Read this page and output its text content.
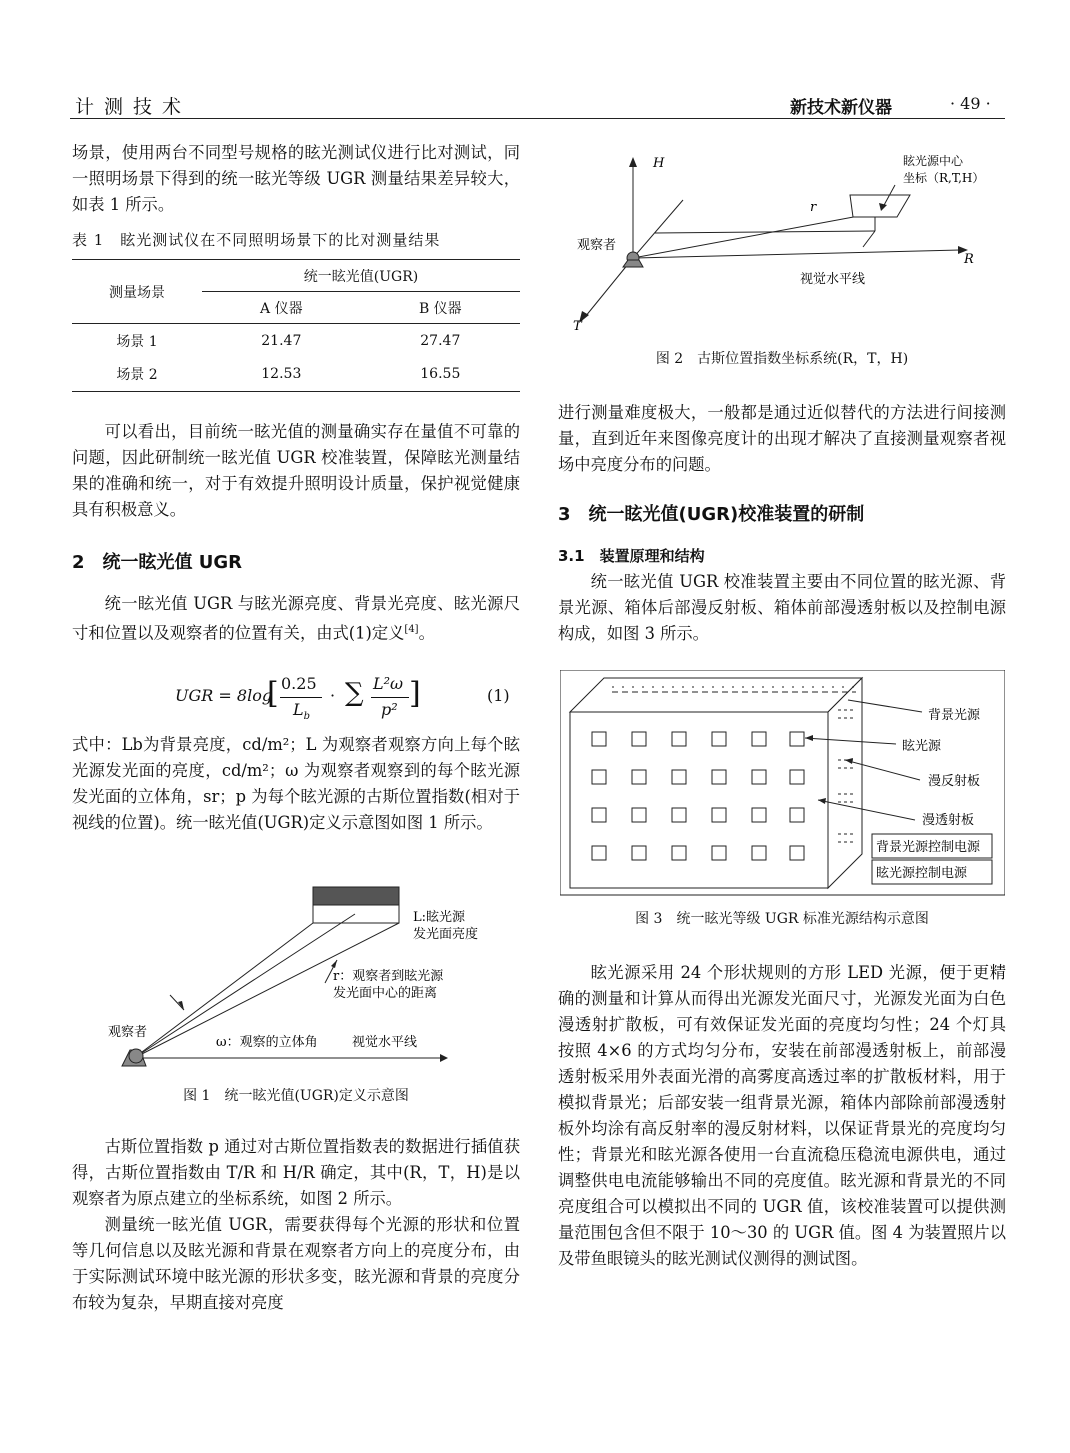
计测技术	新技术新仪器	· 49 ·

场景，使用两台不同型号规格的眩光测试仪进行比对测试，同一照明场景下得到的统一眩光等级 UGR 测量结果差异较大，如表 1 所示。

表 1　眩光测试仪在不同照明场景下的比对测量结果
测量场景	统一眩光值(UGR)	
	A 仪器	B 仪器
场景 1	21.47	27.47
场景 2	12.53	16.55

可以看出，目前统一眩光值的测量确实存在量值不可靠的问题，因此研制统一眩光值 UGR 校准装置，保障眩光测量结果的准确和统一，对于有效提升照明设计质量，保护视觉健康具有积极意义。

2　统一眩光值 UGR

统一眩光值 UGR 与眩光源亮度、背景光亮度、眩光源尺寸和位置以及观察者的位置有关，由式(1)定义[4]。

UGR = 8log
[ 0.25
$L_b$
· ∑ L²ω
p² ]	(1)

式中：Lb为背景亮度，cd/m²；L 为观察者观察方向上每个眩光源发光面的亮度，cd/m²；ω 为观察者观察到的每个眩光源发光面的立体角，sr；p 为每个眩光源的古斯位置指数(相对于视线的位置)。统一眩光值(UGR)定义示意图如图 1 所示。

L:眩光源
发光面亮度
r：观察者到眩光源
发光面中心的距离
观察者
ω：观察的立体角	视觉水平线
图 1　统一眩光值(UGR)定义示意图

古斯位置指数 p 通过对古斯位置指数表的数据进行插值获得，古斯位置指数由 T/R 和 H/R 确定，其中(R，T，H)是以观察者为原点建立的坐标系统，如图 2 所示。

测量统一眩光值 UGR，需要获得每个光源的形状和位置等几何信息以及眩光源和背景在观察者方向上的亮度分布，由于实际测试环境中眩光源的形状多变，眩光源和背景的亮度分布较为复杂，早期直接对亮度

H
R
T
r
眩光源中心
坐标（R,T,H）
观察者
视觉水平线
图 2　古斯位置指数坐标系统(R，T，H)

进行测量难度极大，一般都是通过近似替代的方法进行间接测量，直到近年来图像亮度计的出现才解决了直接测量观察者视场中亮度分布的问题。

3　统一眩光值(UGR)校准装置的研制
3.1　装置原理和结构

统一眩光值 UGR 校准装置主要由不同位置的眩光源、背景光源、箱体后部漫反射板、箱体前部漫透射板以及控制电源构成，如图 3 所示。

背景光源
眩光源
漫反射板
漫透射板
背景光源控制电源
眩光源控制电源
图 3　统一眩光等级 UGR 标准光源结构示意图

眩光源采用 24 个形状规则的方形 LED 光源，便于更精确的测量和计算从而得出光源发光面尺寸，光源发光面为白色漫透射扩散板，可有效保证发光面的亮度均匀性；24 个灯具按照 4×6 的方式均匀分布，安装在前部漫透射板上，前部漫透射板采用外表面光滑的高雾度高透过率的扩散板材料，用于模拟背景光；后部安装一组背景光源，箱体内部除前部漫透射板外均涂有高反射率的漫反射材料，以保证背景光的亮度均匀性；背景光和眩光源各使用一台直流稳压稳流电源供电，通过调整供电电流能够输出不同的亮度值。眩光源和背景光的不同亮度组合可以模拟出不同的 UGR 值，该校准装置可以提供测量范围包含但不限于 10～30 的 UGR 值。图 4 为装置照片以及带鱼眼镜头的眩光测试仪测得的测试图。
